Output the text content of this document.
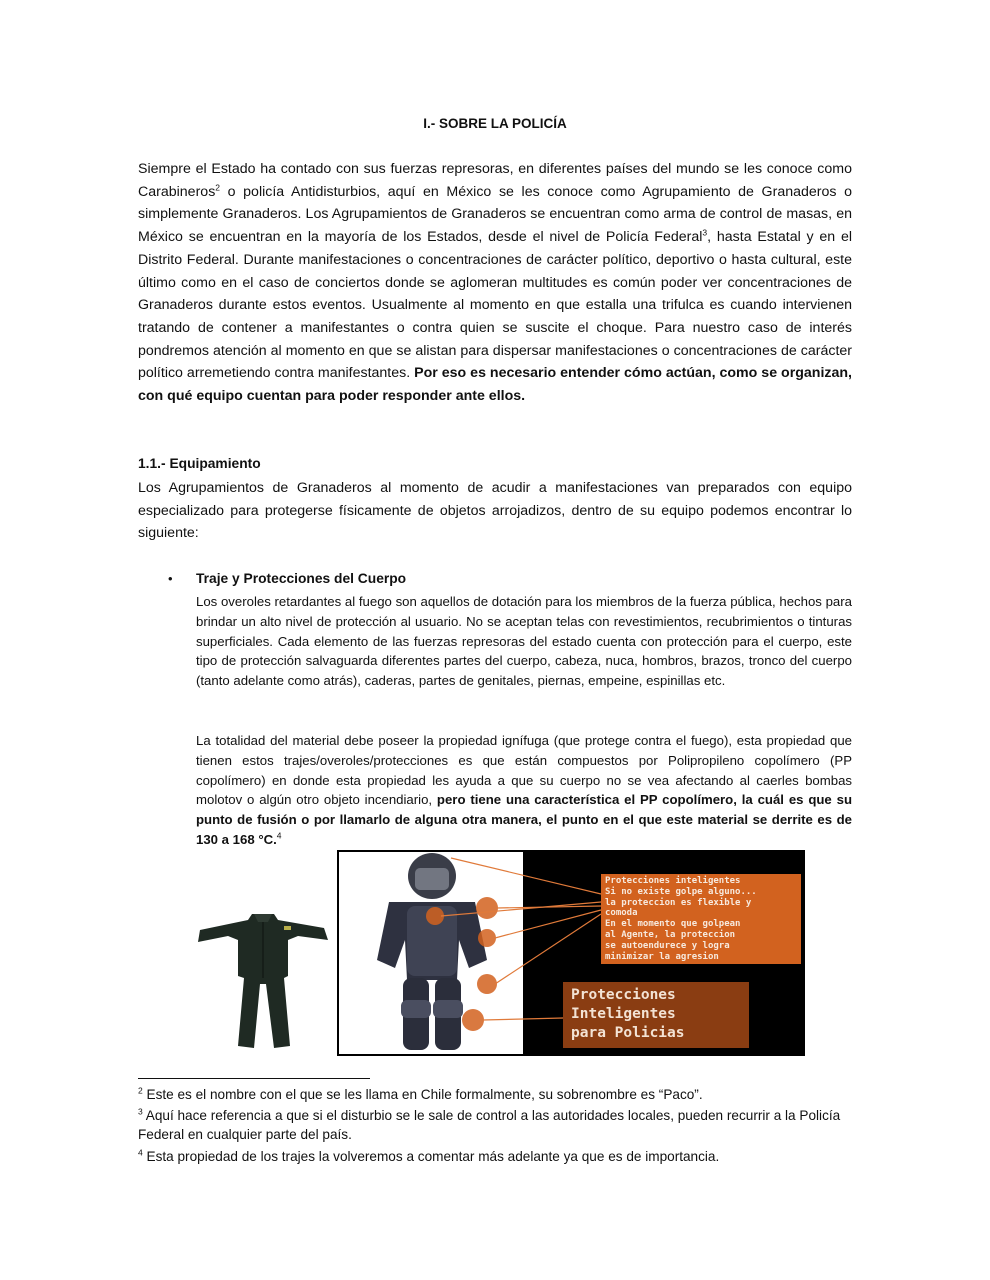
I.- SOBRE LA POLICÍA
Siempre el Estado ha contado con sus fuerzas represoras, en diferentes países del mundo se les conoce como Carabineros$^2$ o policía Antidisturbios, aquí en México se les conoce como Agrupamiento de Granaderos o simplemente Granaderos. Los Agrupamientos de Granaderos se encuentran como arma de control de masas, en México se encuentran en la mayoría de los Estados, desde el nivel de Policía Federal$^3$, hasta Estatal y en el Distrito Federal. Durante manifestaciones o concentraciones de carácter político, deportivo o hasta cultural, este último como en el caso de conciertos donde se aglomeran multitudes es común poder ver concentraciones de Granaderos durante estos eventos. Usualmente al momento en que estalla una trifulca es cuando intervienen tratando de contener a manifestantes o contra quien se suscite el choque. Para nuestro caso de interés pondremos atención al momento en que se alistan para dispersar manifestaciones o concentraciones de carácter político arremetiendo contra manifestantes. Por eso es necesario entender cómo actúan, como se organizan, con qué equipo cuentan para poder responder ante ellos.
1.1.- Equipamiento
Los Agrupamientos de Granaderos al momento de acudir a manifestaciones van preparados con equipo especializado para protegerse físicamente de objetos arrojadizos, dentro de su equipo podemos encontrar lo siguiente:
• Traje y Protecciones del Cuerpo
Los overoles retardantes al fuego son aquellos de dotación para los miembros de la fuerza pública, hechos para brindar un alto nivel de protección al usuario. No se aceptan telas con revestimientos, recubrimientos o tinturas superficiales. Cada elemento de las fuerzas represoras del estado cuenta con protección para el cuerpo, este tipo de protección salvaguarda diferentes partes del cuerpo, cabeza, nuca, hombros, brazos, tronco del cuerpo (tanto adelante como atrás), caderas, partes de genitales, piernas, empeine, espinillas etc.
La totalidad del material debe poseer la propiedad ignífuga (que protege contra el fuego), esta propiedad que tienen estos trajes/overoles/protecciones es que están compuestos por Polipropileno copolímero (PP copolímero) en donde esta propiedad les ayuda a que su cuerpo no se vea afectando al caerles bombas molotov o algún otro objeto incendiario, pero tiene una característica el PP copolímero, la cuál es que su punto de fusión o por llamarlo de alguna otra manera, el punto en el que este material se derrite es de 130 a 168 °C.$^4$
Protecciones inteligentes
Si no existe golpe alguno...
la proteccion es flexible y
comoda
En el momento que golpean
al Agente, la proteccion
se autoendurece y logra
minimizar la agresion
Protecciones
Inteligentes
para Policias
$^2$ Este es el nombre con el que se les llama en Chile formalmente, su sobrenombre es “Paco”.
$^3$ Aquí hace referencia a que si el disturbio se le sale de control a las autoridades locales, pueden recurrir a la Policía Federal en cualquier parte del país.
$^4$ Esta propiedad de los trajes la volveremos a comentar más adelante ya que es de importancia.
